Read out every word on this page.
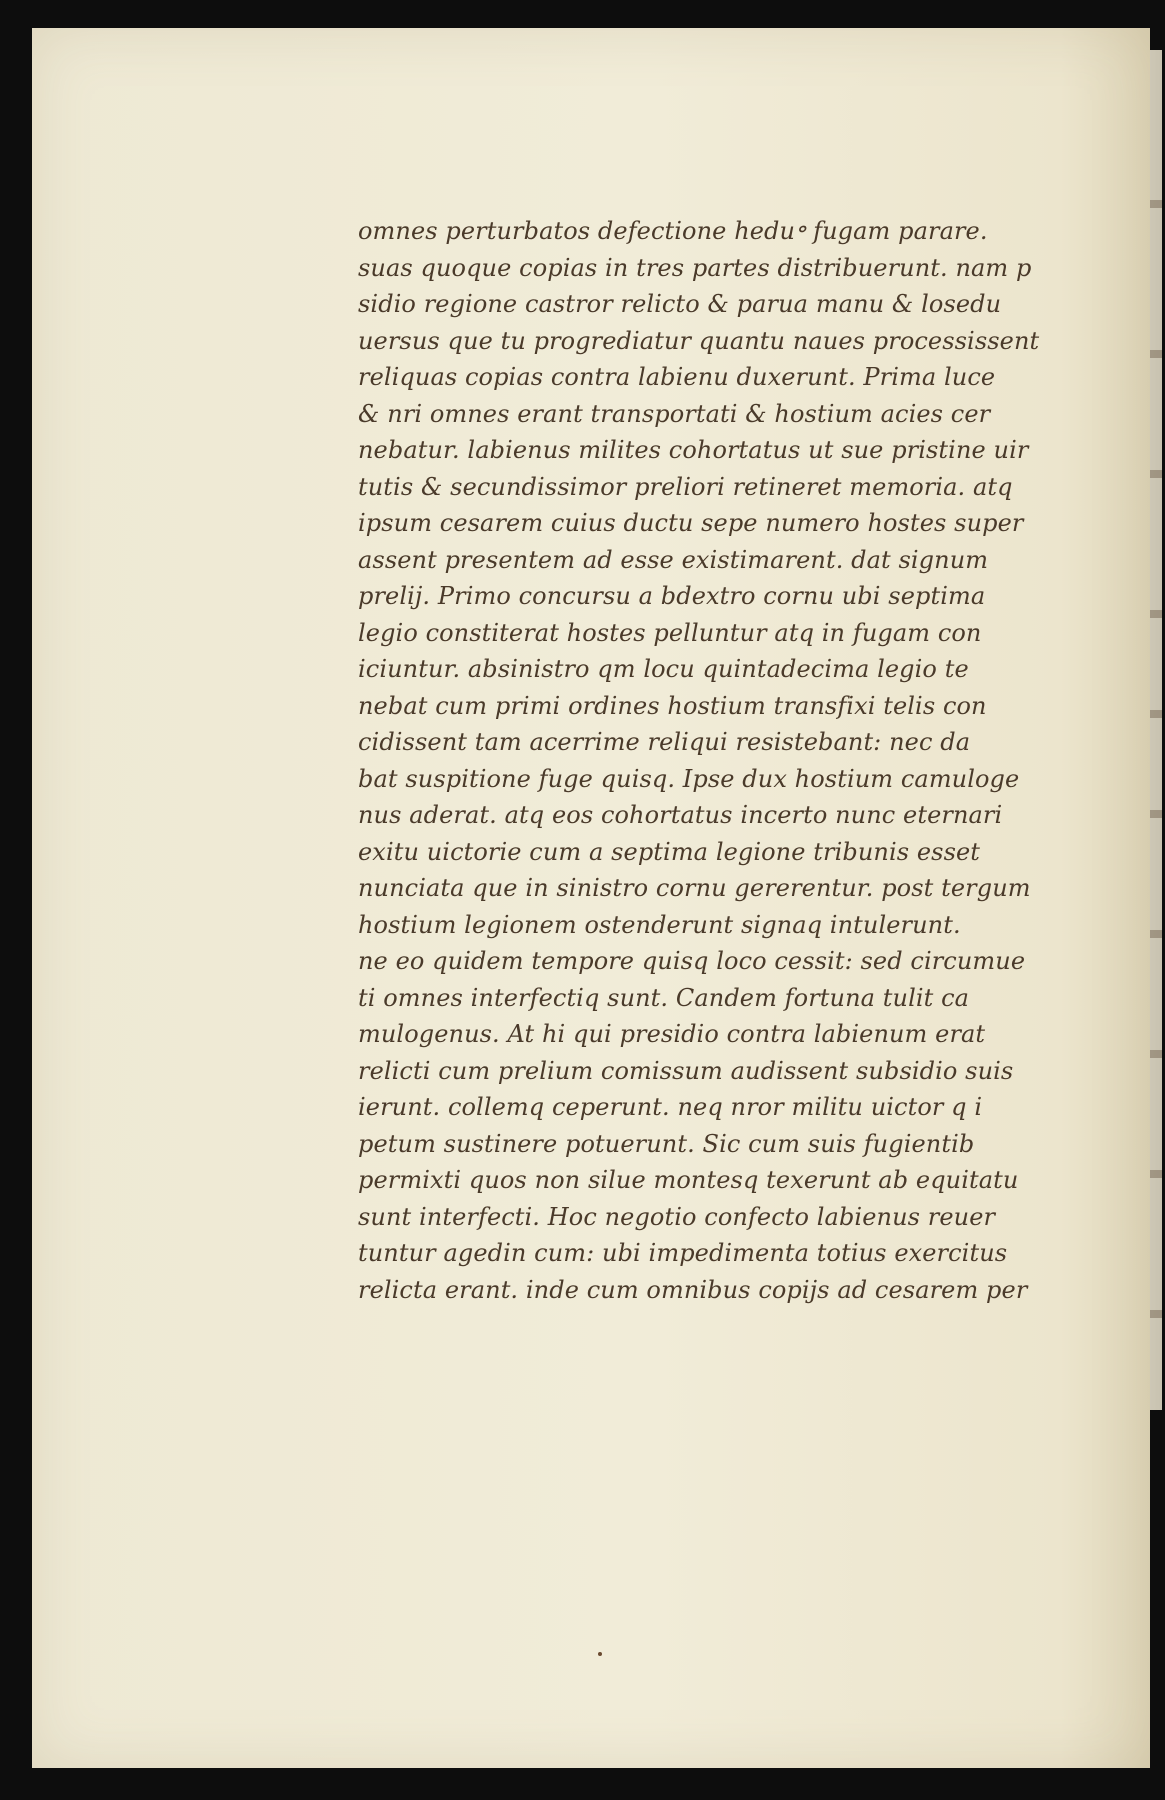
omnes perturbatos defectione hedu॰ fugam parare.
suas quoque copias in tres partes distribuerunt. nam p
sidio regione castror relicto & parua manu & losedu
uersus que tu progrediatur quantu naues processissent
reliquas copias contra labienu duxerunt. Prima luce
& nri omnes erant transportati & hostium acies cer
nebatur. labienus milites cohortatus ut sue pristine uir
tutis & secundissimor preliori retineret memoria. atq
ipsum cesarem cuius ductu sepe numero hostes super
assent presentem ad esse existimarent. dat signum
prelij. Primo concursu a bdextro cornu ubi septima
legio constiterat hostes pelluntur atq in fugam con
iciuntur. absinistro qm locu quintadecima legio te
nebat cum primi ordines hostium transfixi telis con
cidissent tam acerrime reliqui resistebant: nec da
bat suspitione fuge quisq. Ipse dux hostium camuloge
nus aderat. atq eos cohortatus incerto nunc eternari
exitu uictorie cum a septima legione tribunis esset
nunciata que in sinistro cornu gererentur. post tergum
hostium legionem ostenderunt signaq intulerunt.
ne eo quidem tempore quisq loco cessit: sed circumue
ti omnes interfectiq sunt. Candem fortuna tulit ca
mulogenus. At hi qui presidio contra labienum erat
relicti cum prelium comissum audissent subsidio suis
ierunt. collemq ceperunt. neq nror militu uictor q i
petum sustinere potuerunt. Sic cum suis fugientib
permixti quos non silue montesq texerunt ab equitatu
sunt interfecti. Hoc negotio confecto labienus reuer
tuntur agedin cum: ubi impedimenta totius exercitus
relicta erant. inde cum omnibus copijs ad cesarem per
